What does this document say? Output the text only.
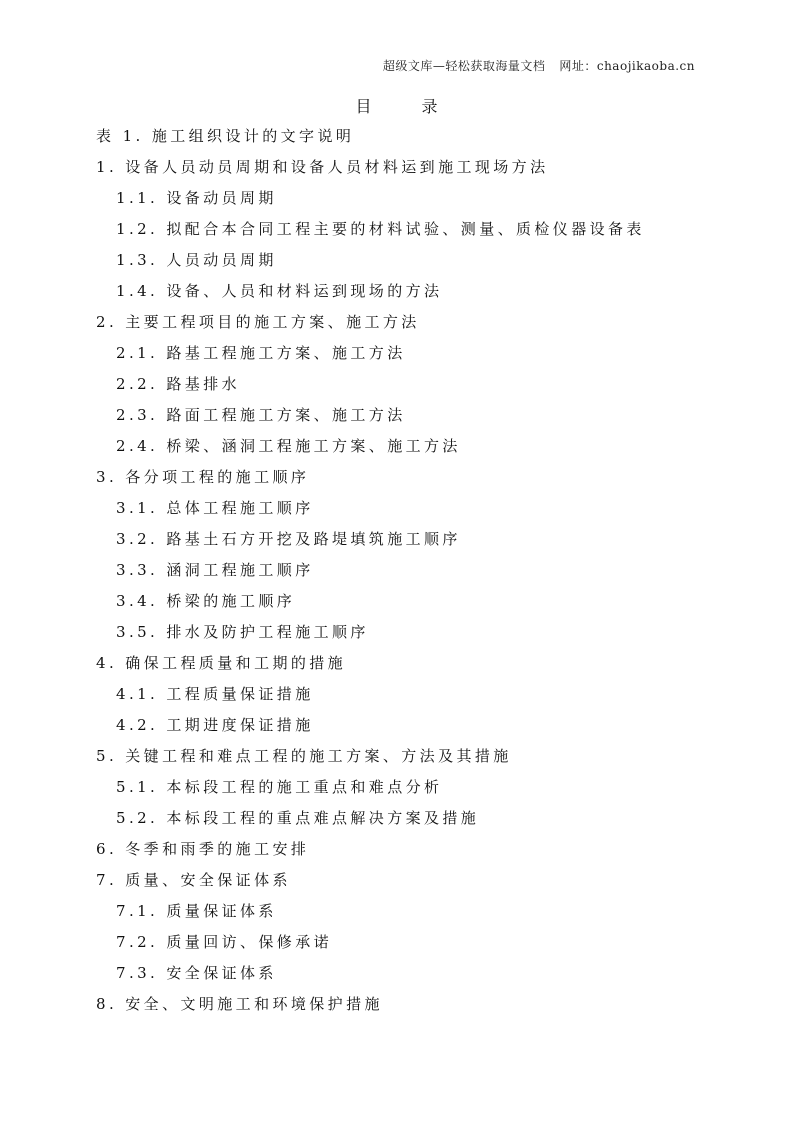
超级文库—轻松获取海量文档 网址：chaojikaoba.cn
目录
表 1. 施工组织设计的文字说明
1. 设备人员动员周期和设备人员材料运到施工现场方法
1.1. 设备动员周期
1.2. 拟配合本合同工程主要的材料试验、测量、质检仪器设备表
1.3. 人员动员周期
1.4. 设备、人员和材料运到现场的方法
2. 主要工程项目的施工方案、施工方法
2.1. 路基工程施工方案、施工方法
2.2. 路基排水
2.3. 路面工程施工方案、施工方法
2.4. 桥梁、涵洞工程施工方案、施工方法
3. 各分项工程的施工顺序
3.1. 总体工程施工顺序
3.2. 路基土石方开挖及路堤填筑施工顺序
3.3. 涵洞工程施工顺序
3.4. 桥梁的施工顺序
3.5. 排水及防护工程施工顺序
4. 确保工程质量和工期的措施
4.1. 工程质量保证措施
4.2. 工期进度保证措施
5. 关键工程和难点工程的施工方案、方法及其措施
5.1. 本标段工程的施工重点和难点分析
5.2. 本标段工程的重点难点解决方案及措施
6. 冬季和雨季的施工安排
7. 质量、安全保证体系
7.1. 质量保证体系
7.2. 质量回访、保修承诺
7.3. 安全保证体系
8. 安全、文明施工和环境保护措施
